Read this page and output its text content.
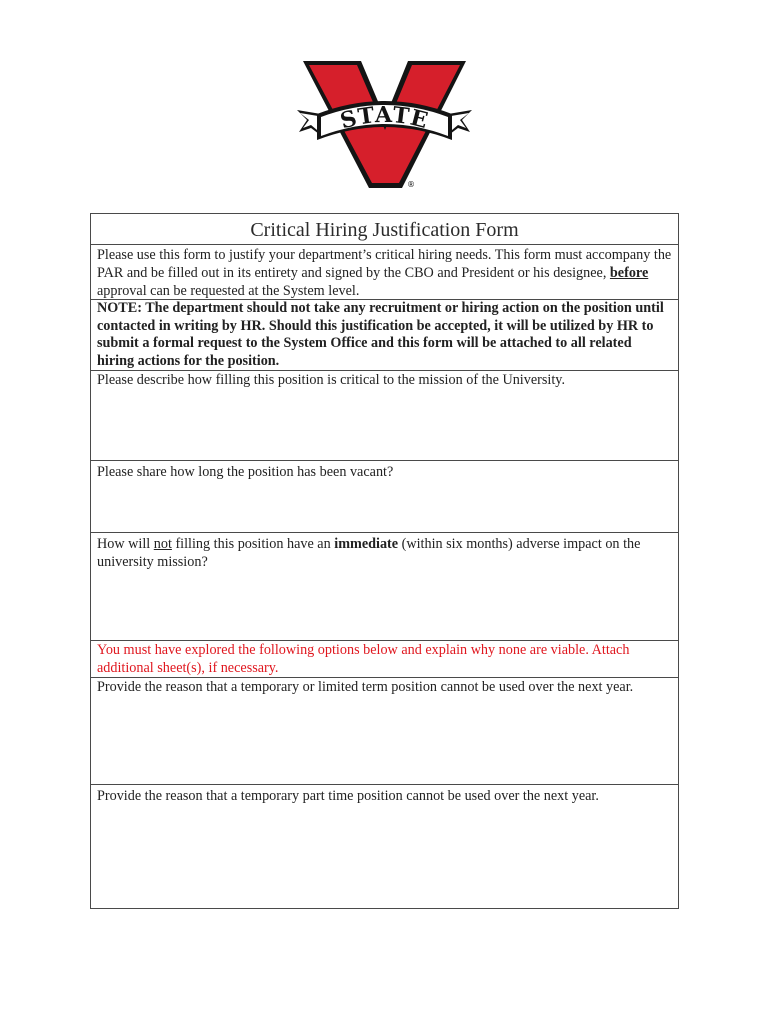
STATE
®
Critical Hiring Justification Form
Please use this form to justify your department’s critical hiring needs. This form must accompany the PAR and be filled out in its entirety and signed by the CBO and President or his designee, before approval can be requested at the System level.
NOTE: The department should not take any recruitment or hiring action on the position until contacted in writing by HR. Should this justification be accepted, it will be utilized by HR to submit a formal request to the System Office and this form will be attached to all related hiring actions for the position.
Please describe how filling this position is critical to the mission of the University.
Please share how long the position has been vacant?
How will not filling this position have an immediate (within six months) adverse impact on the university mission?
You must have explored the following options below and explain why none are viable. Attach additional sheet(s), if necessary.
Provide the reason that a temporary or limited term position cannot be used over the next year.
Provide the reason that a temporary part time position cannot be used over the next year.
